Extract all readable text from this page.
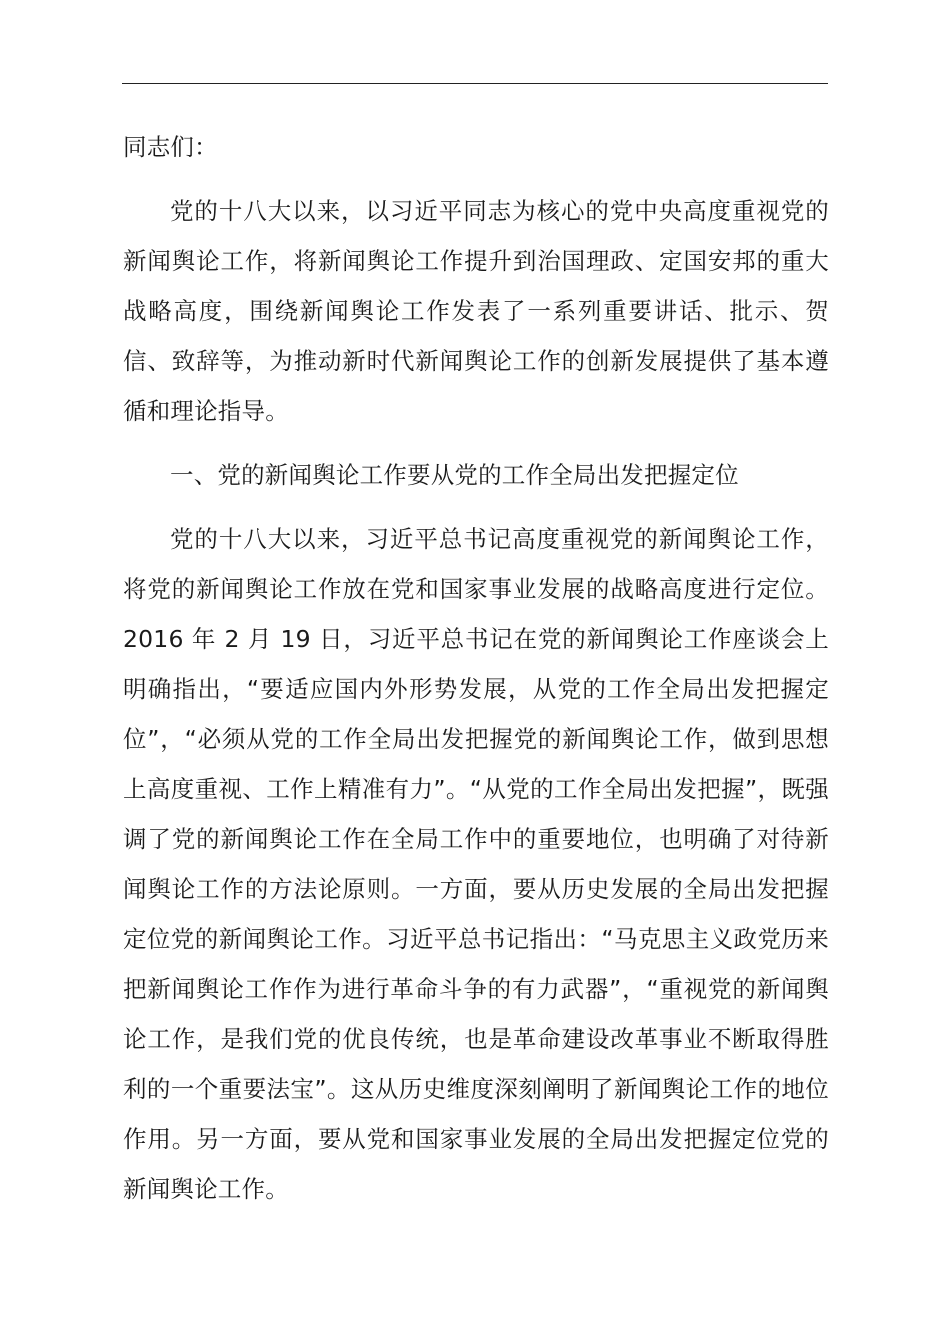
同志们：

党的十八大以来，以习近平同志为核心的党中央高度重视党的新闻舆论工作，将新闻舆论工作提升到治国理政、定国安邦的重大战略高度，围绕新闻舆论工作发表了一系列重要讲话、批示、贺信、致辞等，为推动新时代新闻舆论工作的创新发展提供了基本遵循和理论指导。

一、党的新闻舆论工作要从党的工作全局出发把握定位

党的十八大以来，习近平总书记高度重视党的新闻舆论工作，将党的新闻舆论工作放在党和国家事业发展的战略高度进行定位。2016 年 2 月 19 日，习近平总书记在党的新闻舆论工作座谈会上明确指出，“要适应国内外形势发展，从党的工作全局出发把握定位”，“必须从党的工作全局出发把握党的新闻舆论工作，做到思想上高度重视、工作上精准有力”。“从党的工作全局出发把握”，既强调了党的新闻舆论工作在全局工作中的重要地位，也明确了对待新闻舆论工作的方法论原则。一方面，要从历史发展的全局出发把握定位党的新闻舆论工作。习近平总书记指出：“马克思主义政党历来把新闻舆论工作作为进行革命斗争的有力武器”，“重视党的新闻舆论工作，是我们党的优良传统，也是革命建设改革事业不断取得胜利的一个重要法宝”。这从历史维度深刻阐明了新闻舆论工作的地位作用。另一方面，要从党和国家事业发展的全局出发把握定位党的新闻舆论工作。
